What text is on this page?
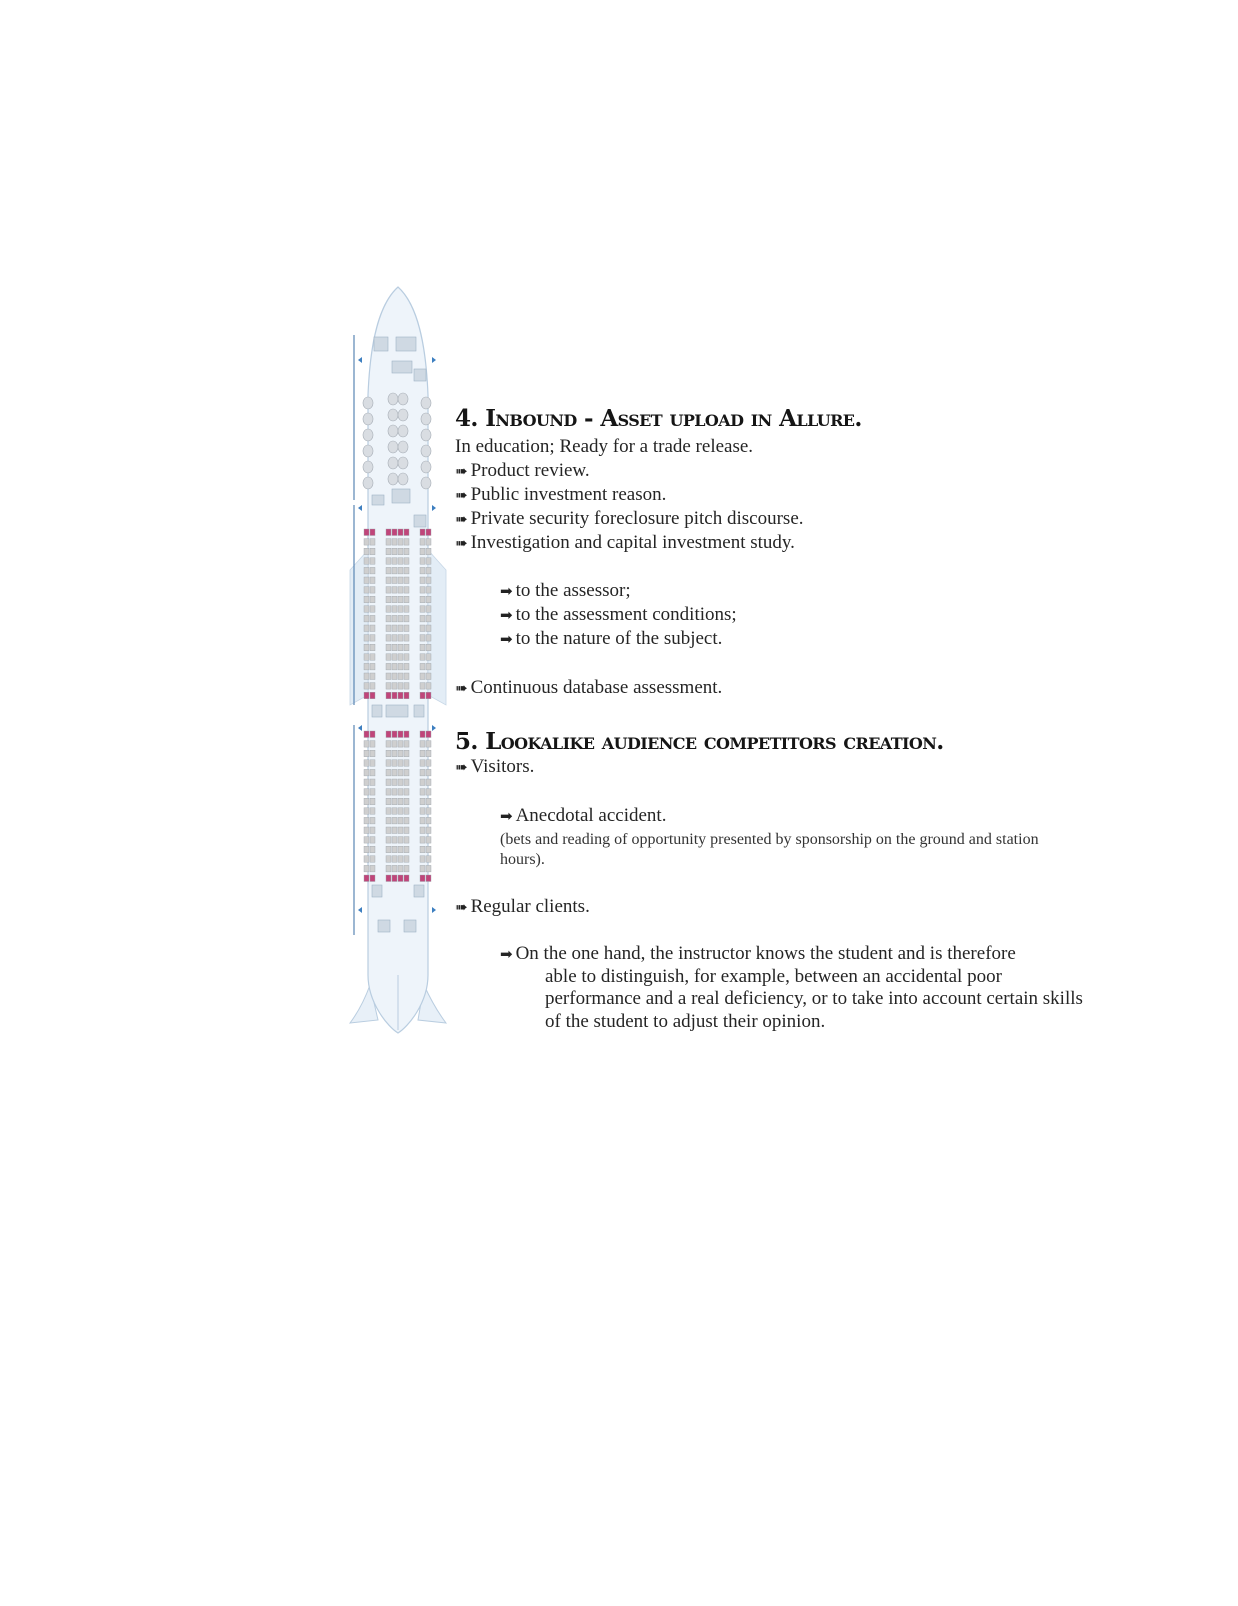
4. Inbound - Asset upload in Allure.
In education; Ready for a trade release.
➠ Product review.
➠ Public investment reason.
➠ Private security foreclosure pitch discourse.
➠ Investigation and capital investment study.
➡ to the assessor;
➡ to the assessment conditions;
➡ to the nature of the subject.
➠ Continuous database assessment.
5. Lookalike audience competitors creation.
➠ Visitors.
➡ Anecdotal accident.
(bets and reading of opportunity presented by sponsorship on the ground and station hours).
➠ Regular clients.
➡ On the one hand, the instructor knows the student and is therefore
able to distinguish, for example, between an accidental poor performance and a real deficiency, or to take into account certain skills of the student to adjust their opinion.
